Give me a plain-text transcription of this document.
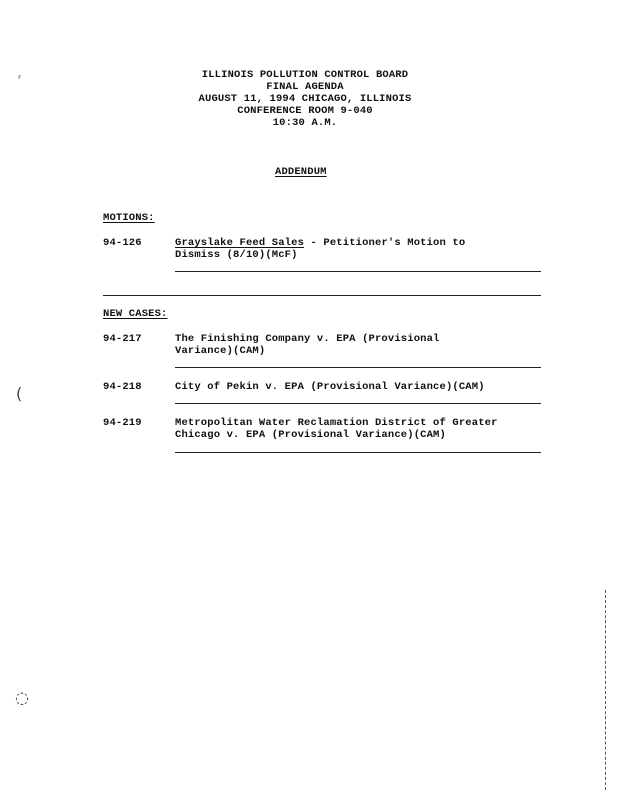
ʳ
(
◌
ILLINOIS POLLUTION CONTROL BOARD
FINAL AGENDA
AUGUST 11, 1994 CHICAGO, ILLINOIS
CONFERENCE ROOM 9-040
10:30 A.M.
ADDENDUM
MOTIONS:
94-126	Grayslake Feed Sales - Petitioner's Motion to
Dismiss (8/10)(McF)
NEW CASES:
94-217	The Finishing Company v. EPA (Provisional
Variance)(CAM)
94-218	City of Pekin v. EPA (Provisional Variance)(CAM)
94-219	Metropolitan Water Reclamation District of Greater
Chicago v. EPA (Provisional Variance)(CAM)
